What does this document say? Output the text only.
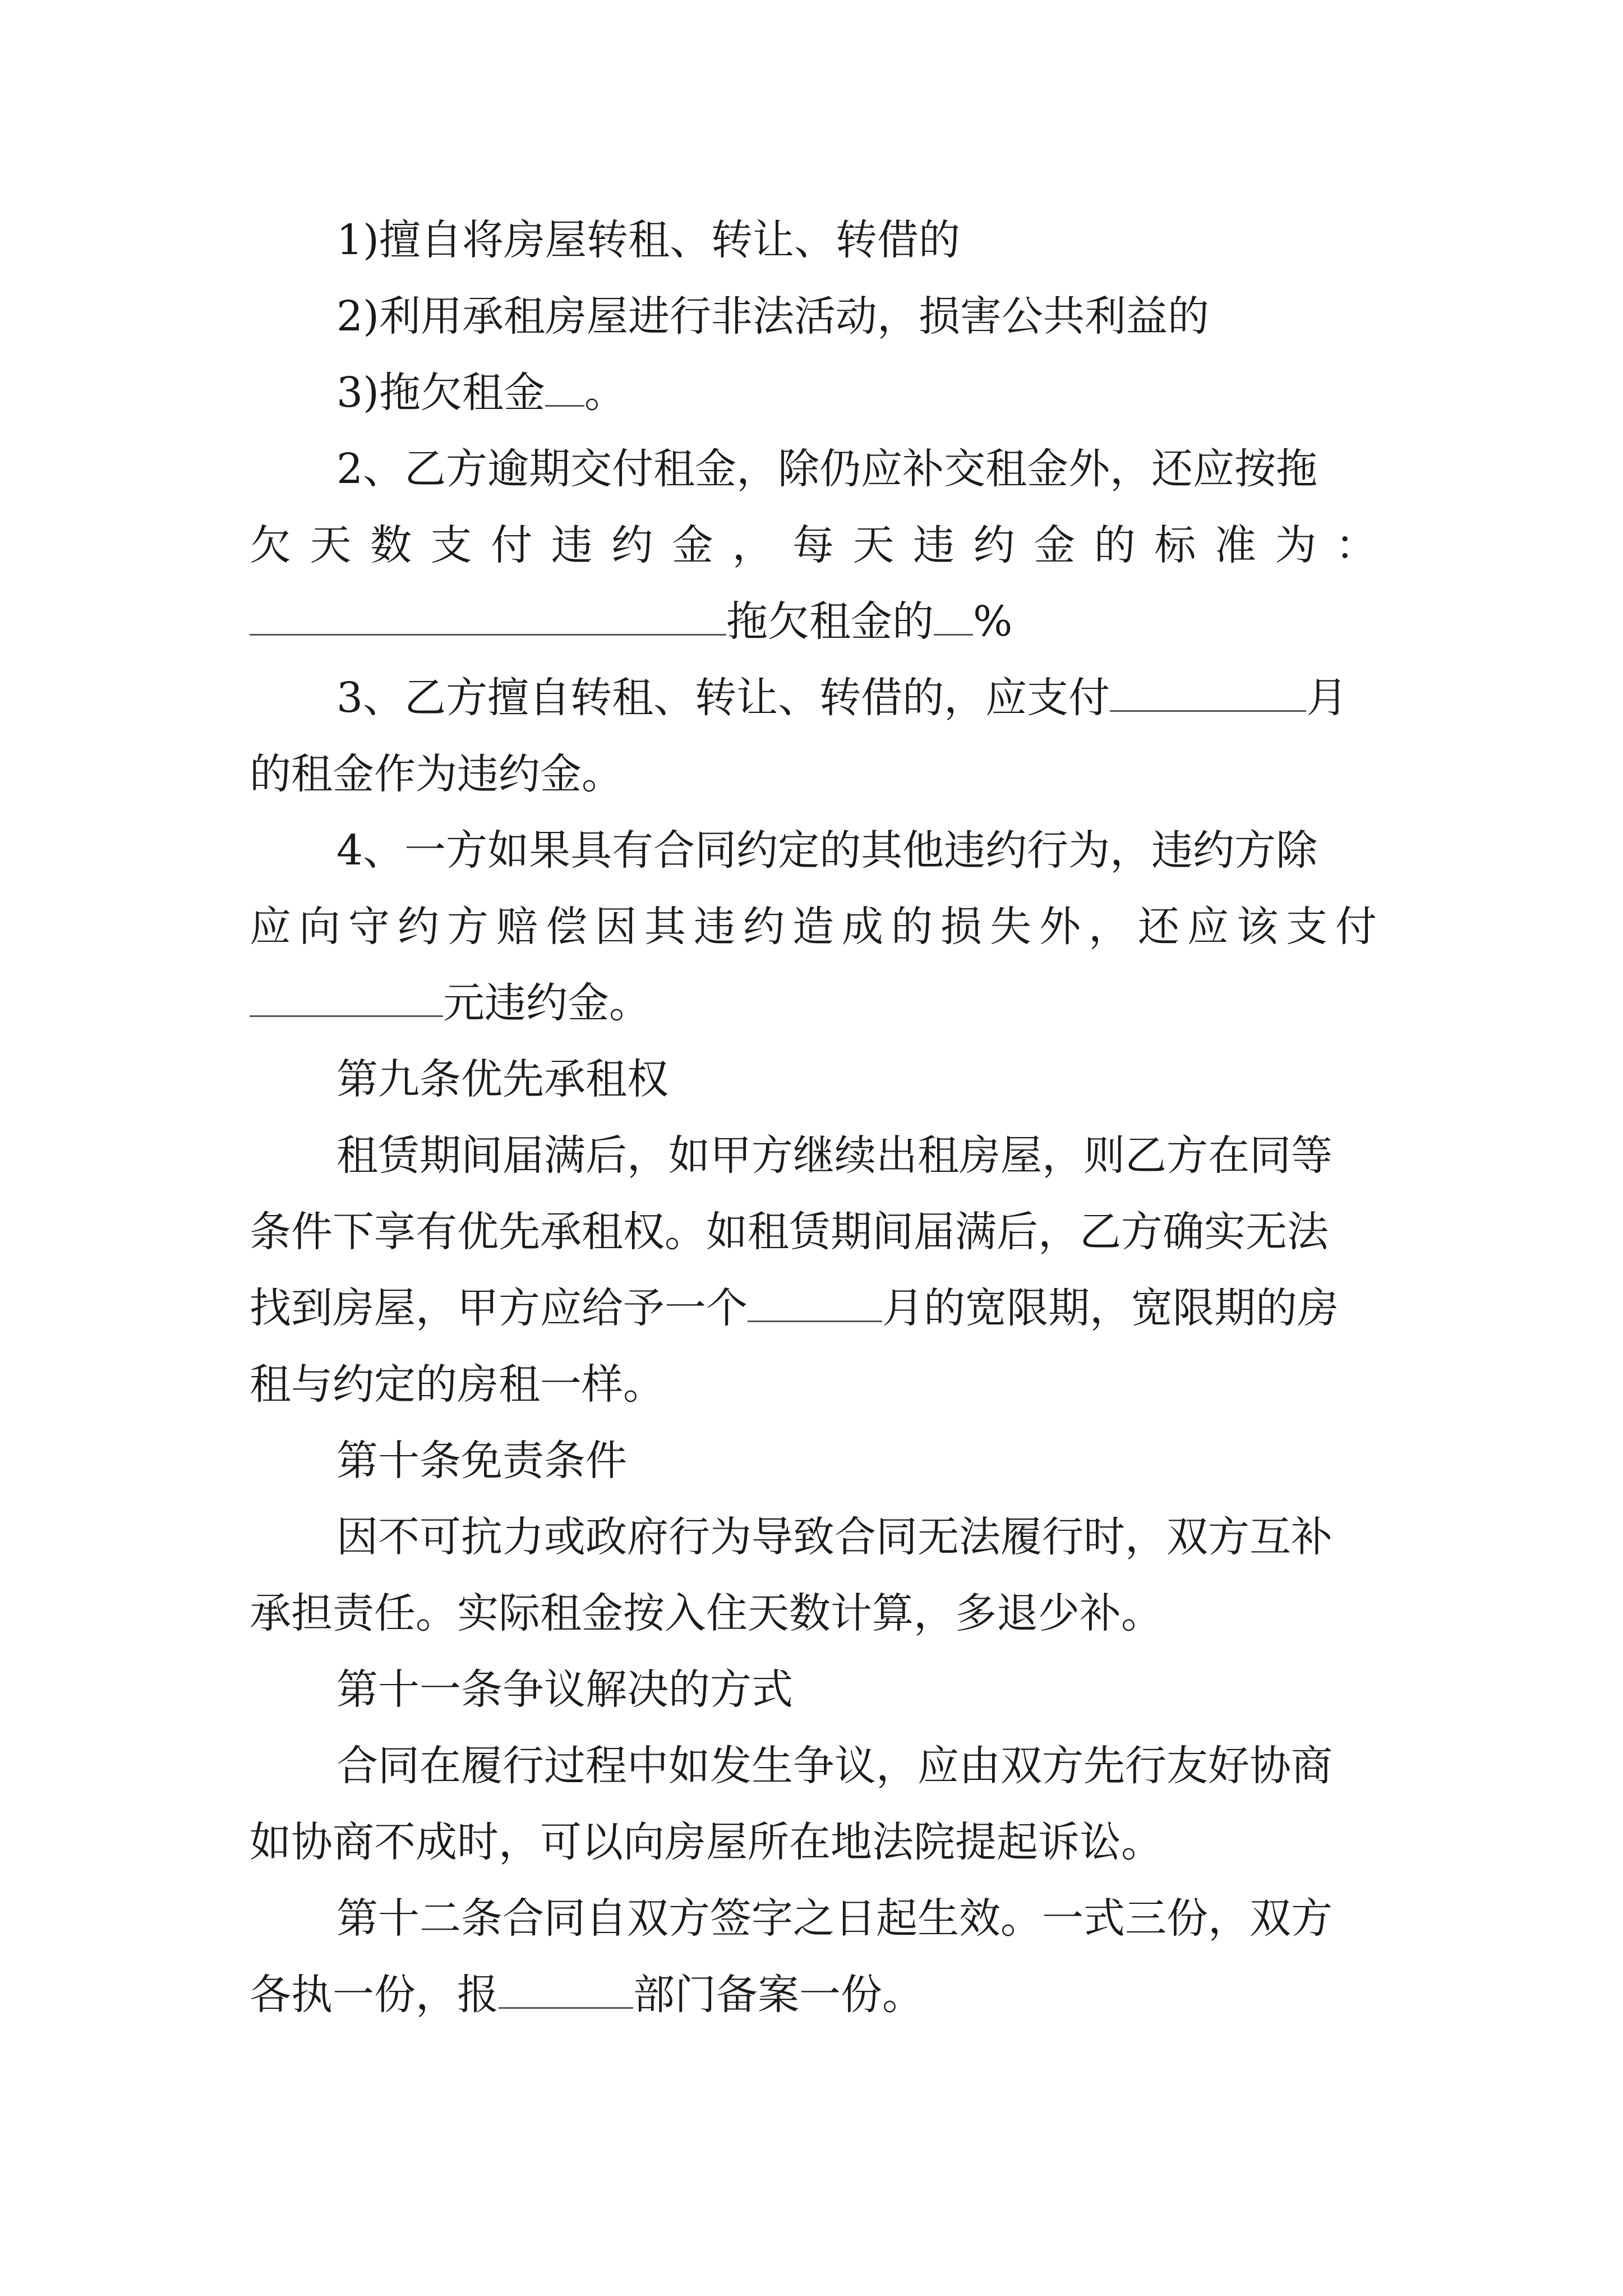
1)擅自将房屋转租、转让、转借的
2)利用承租房屋进行非法活动，损害公共利益的
3)拖欠租金 。
2、乙方逾期交付租金，除仍应补交租金外，还应按拖
欠天数支付违约金，每天违约金的标准为：
拖欠租金的 %
3、乙方擅自转租、转让、转借的，应支付	月
的租金作为违约金。
4、一方如果具有合同约定的其他违约行为，违约方除
应向守约方赔偿因其违约造成的损失外，还应该支付
元违约金。
第九条优先承租权
租赁期间届满后，如甲方继续出租房屋，则乙方在同等
条件下享有优先承租权。如租赁期间届满后，乙方确实无法
找到房屋，甲方应给予一个	月的宽限期，宽限期的房
租与约定的房租一样。
第十条免责条件
因不可抗力或政府行为导致合同无法履行时，双方互补
承担责任。实际租金按入住天数计算，多退少补。
第十一条争议解决的方式
合同在履行过程中如发生争议，应由双方先行友好协商
如协商不成时，可以向房屋所在地法院提起诉讼。
第十二条合同自双方签字之日起生效。一式三份，双方
各执一份，报	部门备案一份。
